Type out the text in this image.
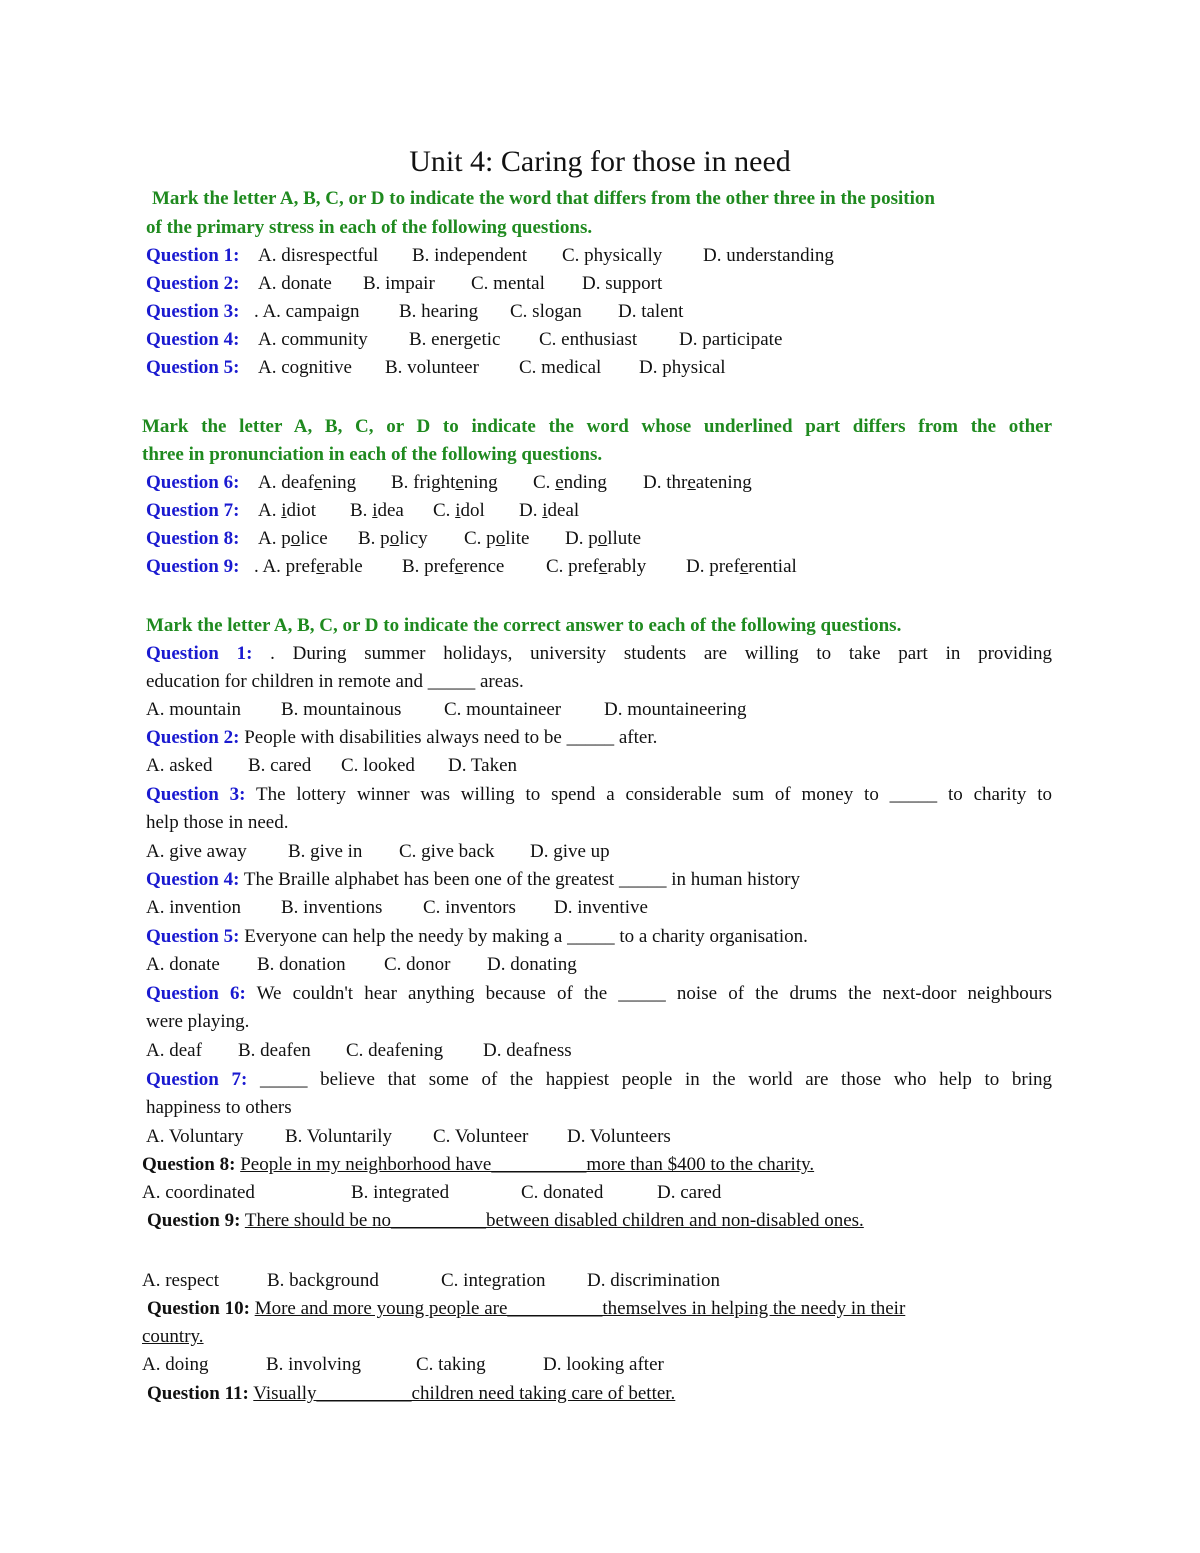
Unit 4: Caring for those in need
Mark the letter A, B, C, or D to indicate the word that differs from the other three in the position
of the primary stress in each of the following questions.
Question 1: A. disrespectful B. independent C. physically D. understanding
Question 2: A. donate B. impair C. mental D. support
Question 3: . A. campaign B. hearing C. slogan D. talent
Question 4: A. community B. energetic C. enthusiast D. participate
Question 5: A. cognitive B. volunteer C. medical D. physical
Mark the letter A, B, C, or D to indicate the word whose underlined part differs from the other
three in pronunciation in each of the following questions.
Question 6: A. deafening B. frightening C. ending D. threatening
Question 7: A. idiot B. idea C. idol D. ideal
Question 8: A. police B. policy C. polite D. pollute
Question 9: . A. preferable B. preference C. preferably D. preferential
Mark the letter A, B, C, or D to indicate the correct answer to each of the following questions.
Question 1: . During summer holidays, university students are willing to take part in providing
education for children in remote and _____ areas.
A. mountain B. mountainous C. mountaineer D. mountaineering
Question 2: People with disabilities always need to be _____ after.
A. asked B. cared C. looked D. Taken
Question 3: The lottery winner was willing to spend a considerable sum of money to _____ to charity to
help those in need.
A. give away B. give in C. give back D. give up
Question 4: The Braille alphabet has been one of the greatest _____ in human history
A. invention B. inventions C. inventors D. inventive
Question 5: Everyone can help the needy by making a _____ to a charity organisation.
A. donate B. donation C. donor D. donating
Question 6: We couldn't hear anything because of the _____ noise of the drums the next-door neighbours
were playing.
A. deaf B. deafen C. deafening D. deafness
Question 7: _____ believe that some of the happiest people in the world are those who help to bring
happiness to others
A. Voluntary B. Voluntarily C. Volunteer D. Volunteers
Question 8: People in my neighborhood have__________more than $400 to the charity.
A. coordinated	B. integrated	C. donated	D. cared
Question 9: There should be no__________between disabled children and non-disabled ones.
A. respect	B. background	C. integration D. discrimination
Question 10: More and more young people are__________themselves in helping the needy in their
country.
A. doing	B. involving	C. taking	D. looking after
Question 11: Visually__________children need taking care of better.
